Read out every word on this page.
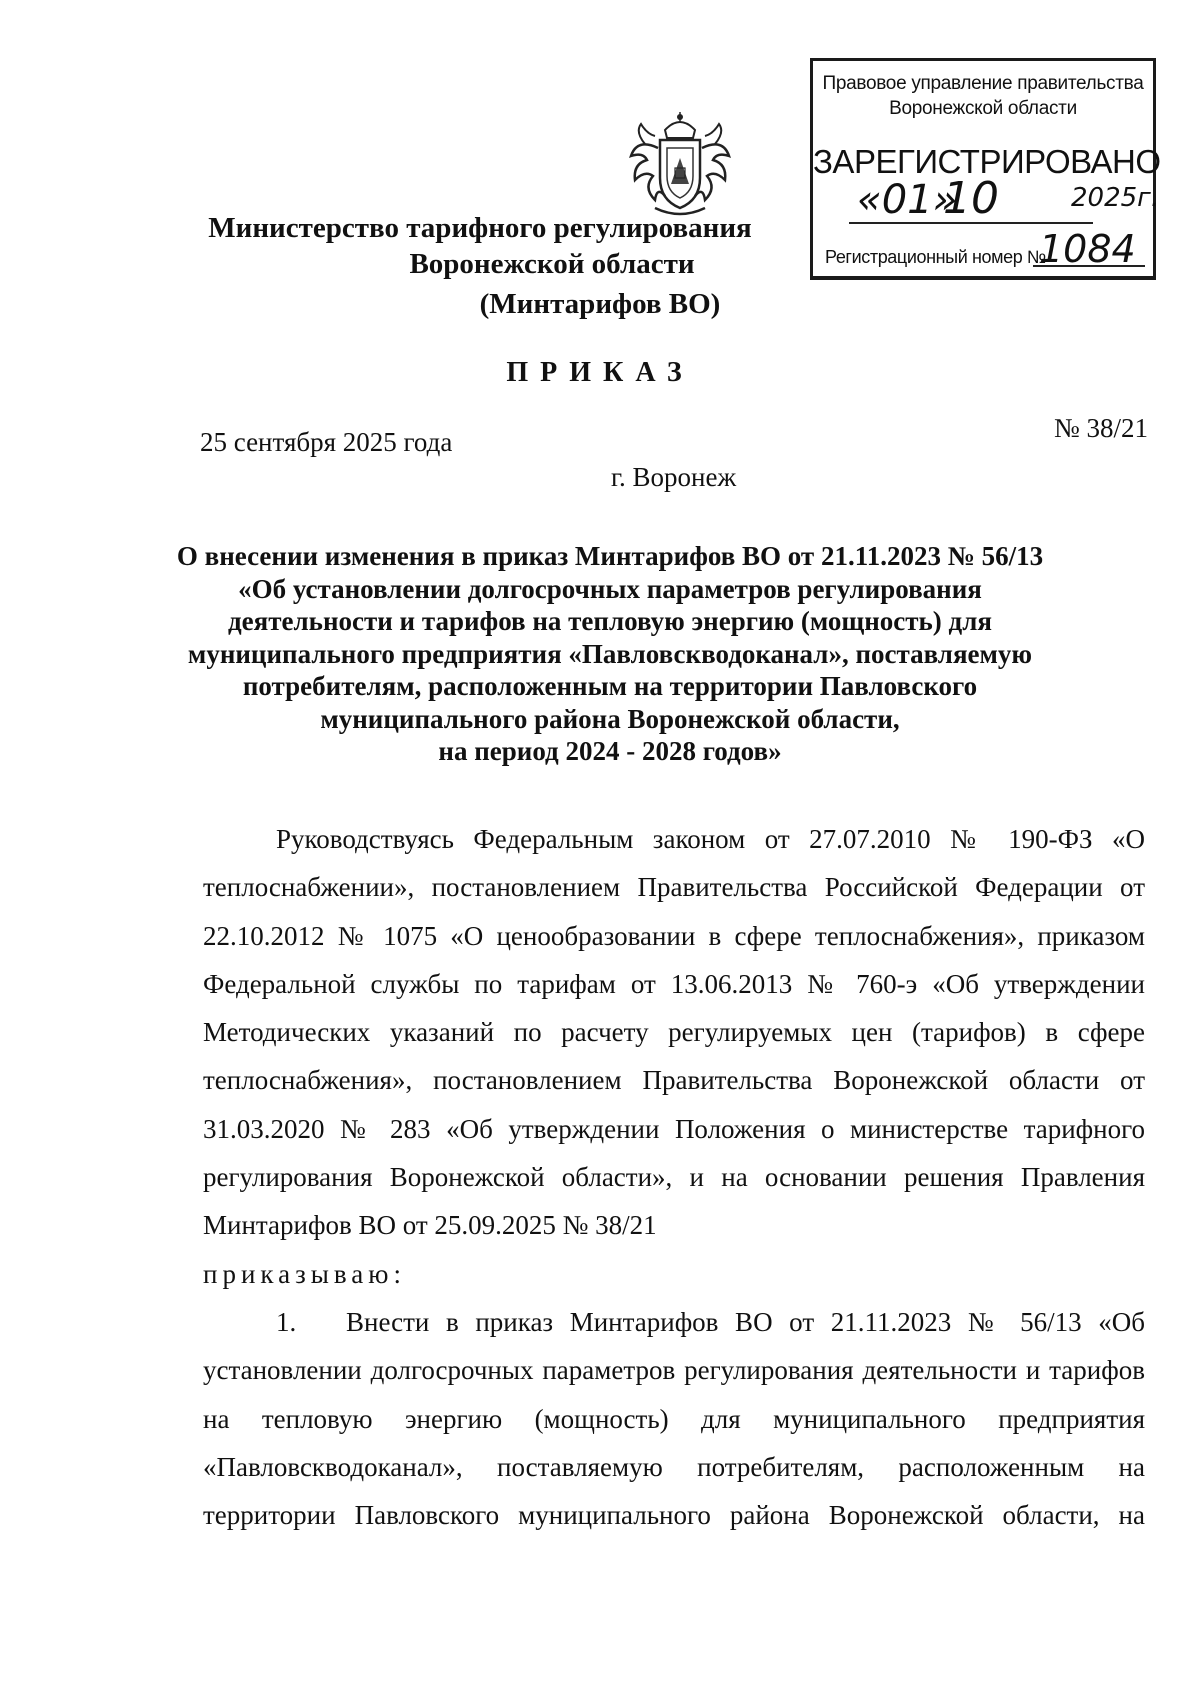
Министерство тарифного регулирования
Воронежской области
(Минтарифов ВО)
Правовое управление правительства
Воронежской области
ЗАРЕГИСТРИРОВАНО
«01»
10	2025г.
Регистрационный номер №
1084
ПРИКАЗ
25 сентября 2025 года	№ 38/21
г. Воронеж
О внесении изменения в приказ Минтарифов ВО от 21.11.2023 № 56/13
«Об установлении долгосрочных параметров регулирования
деятельности и тарифов на тепловую энергию (мощность) для
муниципального предприятия «Павловскводоканал», поставляемую
потребителям, расположенным на территории Павловского
муниципального района Воронежской области,
на период 2024 - 2028 годов»

Руководствуясь Федеральным законом от 27.07.2010 № 190-ФЗ «О теплоснабжении», постановлением Правительства Российской Федерации от 22.10.2012 № 1075 «О ценообразовании в сфере теплоснабжения», приказом Федеральной службы по тарифам от 13.06.2013 № 760-э «Об утверждении Методических указаний по расчету регулируемых цен (тарифов) в сфере теплоснабжения», постановлением Правительства Воронежской области от 31.03.2020 № 283 «Об утверждении Положения о министерстве тарифного регулирования Воронежской области», и на основании решения Правления Минтарифов ВО от 25.09.2025 № 38/21

приказываю:

1. Внести в приказ Минтарифов ВО от 21.11.2023 № 56/13 «Об установлении долгосрочных параметров регулирования деятельности и тарифов на тепловую энергию (мощность) для муниципального предприятия «Павловскводоканал», поставляемую потребителям, расположенным на территории Павловского муниципального района Воронежской области, на
